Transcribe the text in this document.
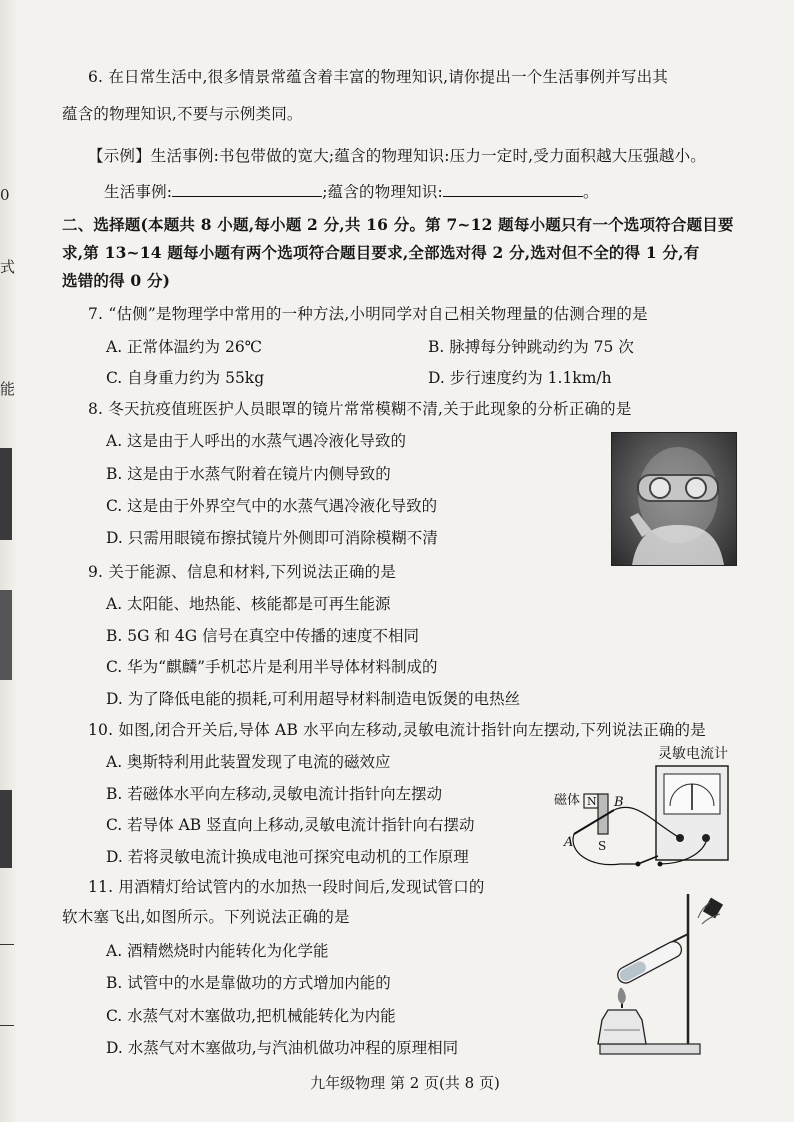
0
式
能
6. 在日常生活中,很多情景常蕴含着丰富的物理知识,请你提出一个生活事例并写出其
蕴含的物理知识,不要与示例类同。
【示例】生活事例:书包带做的宽大;蕴含的物理知识:压力一定时,受力面积越大压强越小。
生活事例:	;蕴含的物理知识:	。
二、选择题(本题共 8 小题,每小题 2 分,共 16 分。第 7~12 题每小题只有一个选项符合题目要
求,第 13~14 题每小题有两个选项符合题目要求,全部选对得 2 分,选对但不全的得 1 分,有
选错的得 0 分)
7. “估侧”是物理学中常用的一种方法,小明同学对自己相关物理量的估测合理的是
A. 正常体温约为 26℃	B. 脉搏每分钟跳动约为 75 次
C. 自身重力约为 55kg	D. 步行速度约为 1.1km/h
8. 冬天抗疫值班医护人员眼罩的镜片常常模糊不清,关于此现象的分析正确的是
A. 这是由于人呼出的水蒸气遇冷液化导致的
B. 这是由于水蒸气附着在镜片内侧导致的
C. 这是由于外界空气中的水蒸气遇冷液化导致的
D. 只需用眼镜布擦拭镜片外侧即可消除模糊不清
9. 关于能源、信息和材料,下列说法正确的是
A. 太阳能、地热能、核能都是可再生能源
B. 5G 和 4G 信号在真空中传播的速度不相同
C. 华为“麒麟”手机芯片是利用半导体材料制成的
D. 为了降低电能的损耗,可利用超导材料制造电饭煲的电热丝
10. 如图,闭合开关后,导体 AB 水平向左移动,灵敏电流计指针向左摆动,下列说法正确的是
A. 奥斯特利用此装置发现了电流的磁效应
B. 若磁体水平向左移动,灵敏电流计指针向左摆动
C. 若导体 AB 竖直向上移动,灵敏电流计指针向右摆动
D. 若将灵敏电流计换成电池可探究电动机的工作原理
灵敏电流计
磁体 N B
A S
11. 用酒精灯给试管内的水加热一段时间后,发现试管口的
软木塞飞出,如图所示。下列说法正确的是
A. 酒精燃烧时内能转化为化学能
B. 试管中的水是靠做功的方式增加内能的
C. 水蒸气对木塞做功,把机械能转化为内能
D. 水蒸气对木塞做功,与汽油机做功冲程的原理相同
九年级物理 第 2 页(共 8 页)
